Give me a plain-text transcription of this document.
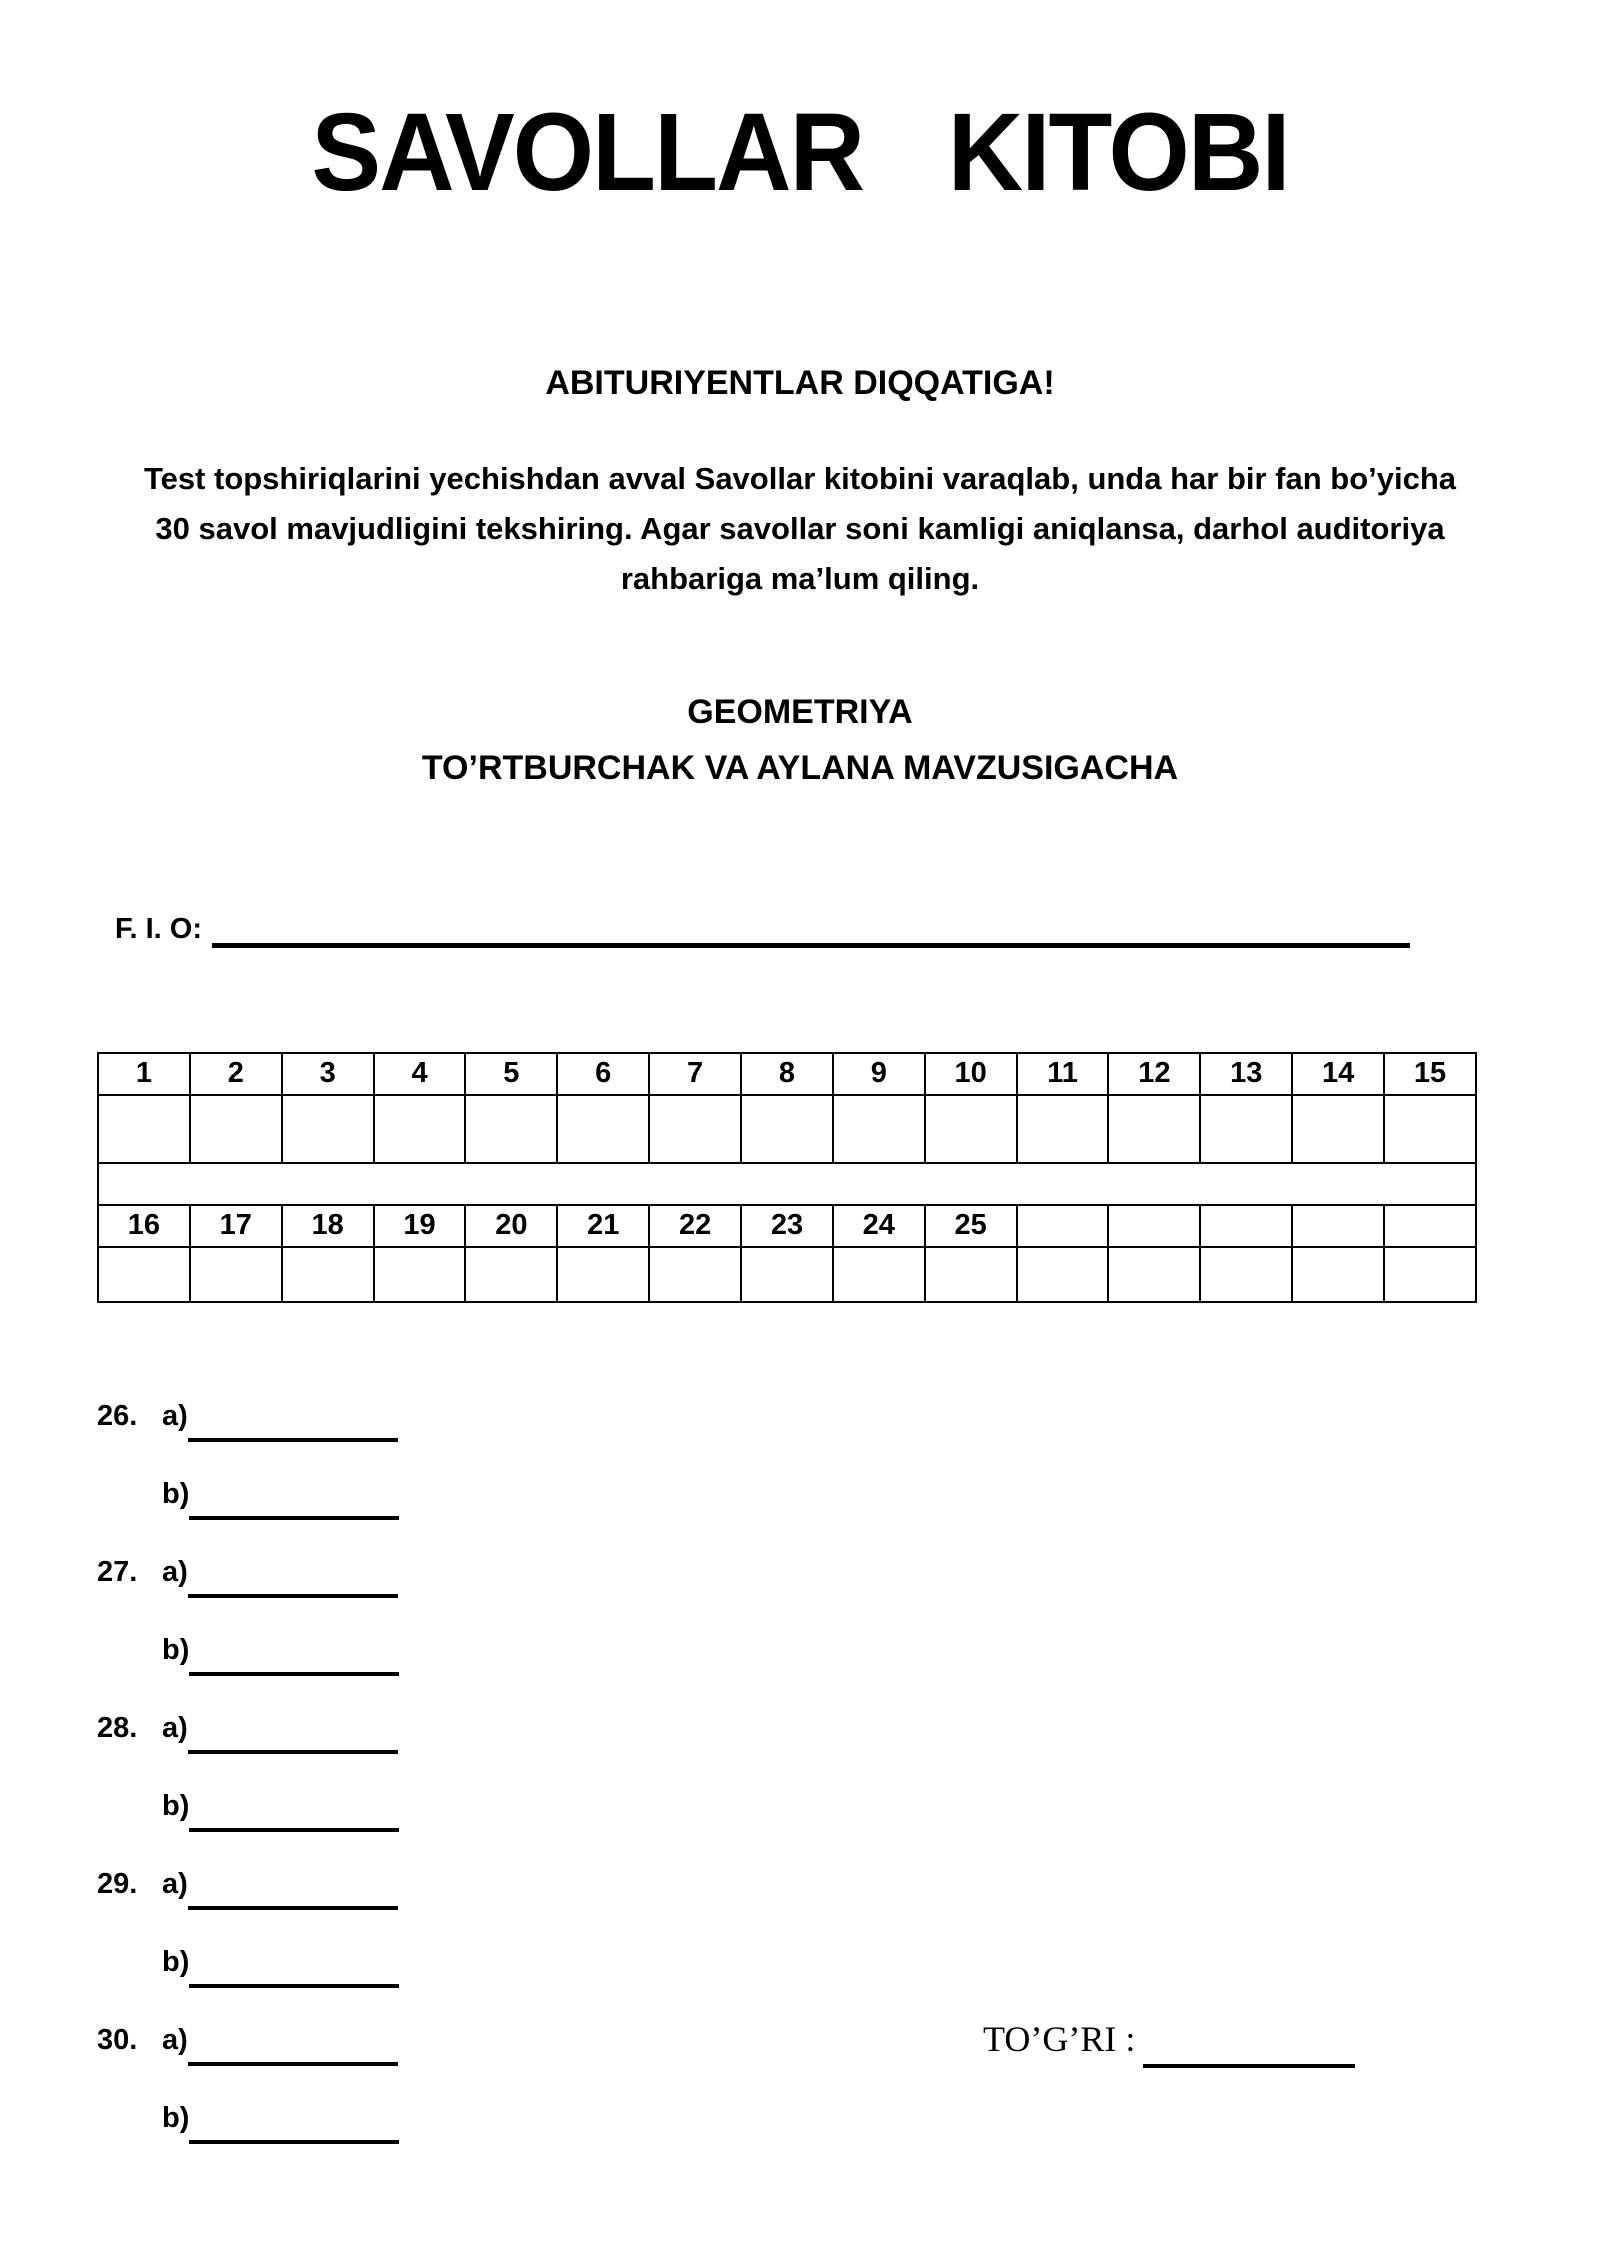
SAVOLLAR  KITOBI
ABITURIYENTLAR DIQQATIGA!
Test topshiriqlarini yechishdan avval Savollar kitobini varaqlab, unda har bir fan bo’yicha
30 savol mavjudligini tekshiring. Agar savollar soni kamligi aniqlansa, darhol auditoriya
rahbariga ma’lum qiling.
GEOMETRIYA
TO’RTBURCHAK VA AYLANA MAVZUSIGACHA
F. I. O:
1	2	3	4	5	6	7	8	9	10	11	12	13	14	15

16	17	18	19	20	21	22	23	24	25					

26. a)
b)
27. a)
b)
28. a)
b)
29. a)
b)
30. a)
b)
TO’G’RI :
